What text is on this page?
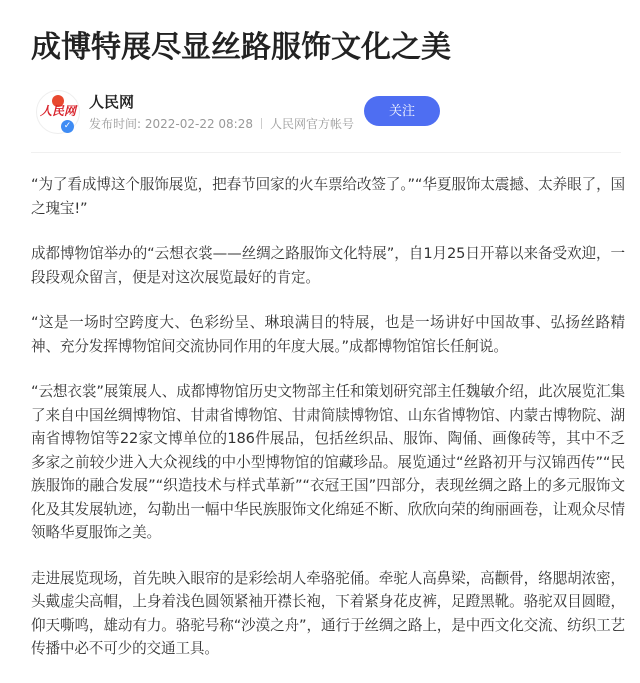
成博特展尽显丝路服饰文化之美
人民网 人民网
发布时间: 2022-02-22 08:28 人民网官方帐号
关注
✓

“为了看成博这个服饰展览，把春节回家的火车票给改签了。”“华夏服饰太震撼、太养眼了，国之瑰宝!”

成都博物馆举办的“云想衣裳——丝绸之路服饰文化特展”，自1月25日开幕以来备受欢迎，一段段观众留言，便是对这次展览最好的肯定。

“这是一场时空跨度大、色彩纷呈、琳琅满目的特展，也是一场讲好中国故事、弘扬丝路精神、充分发挥博物馆间交流协同作用的年度大展。”成都博物馆馆长任舸说。

“云想衣裳”展策展人、成都博物馆历史文物部主任和策划研究部主任魏敏介绍，此次展览汇集了来自中国丝绸博物馆、甘肃省博物馆、甘肃简牍博物馆、山东省博物馆、内蒙古博物院、湖南省博物馆等22家文博单位的186件展品，包括丝织品、服饰、陶俑、画像砖等，其中不乏多家之前较少进入大众视线的中小型博物馆的馆藏珍品。展览通过“丝路初开与汉锦西传”“民族服饰的融合发展”“织造技术与样式革新”“衣冠王国”四部分，表现丝绸之路上的多元服饰文化及其发展轨迹，勾勒出一幅中华民族服饰文化绵延不断、欣欣向荣的绚丽画卷，让观众尽情领略华夏服饰之美。

走进展览现场，首先映入眼帘的是彩绘胡人牵骆驼俑。牵驼人高鼻梁，高颧骨，络腮胡浓密，头戴虚尖高帽，上身着浅色圆领紧袖开襟长袍，下着紧身花皮裤，足蹬黑靴。骆驼双目圆瞪，仰天嘶鸣，雄动有力。骆驼号称“沙漠之舟”，通行于丝绸之路上，是中西文化交流、纺织工艺传播中必不可少的交通工具。
